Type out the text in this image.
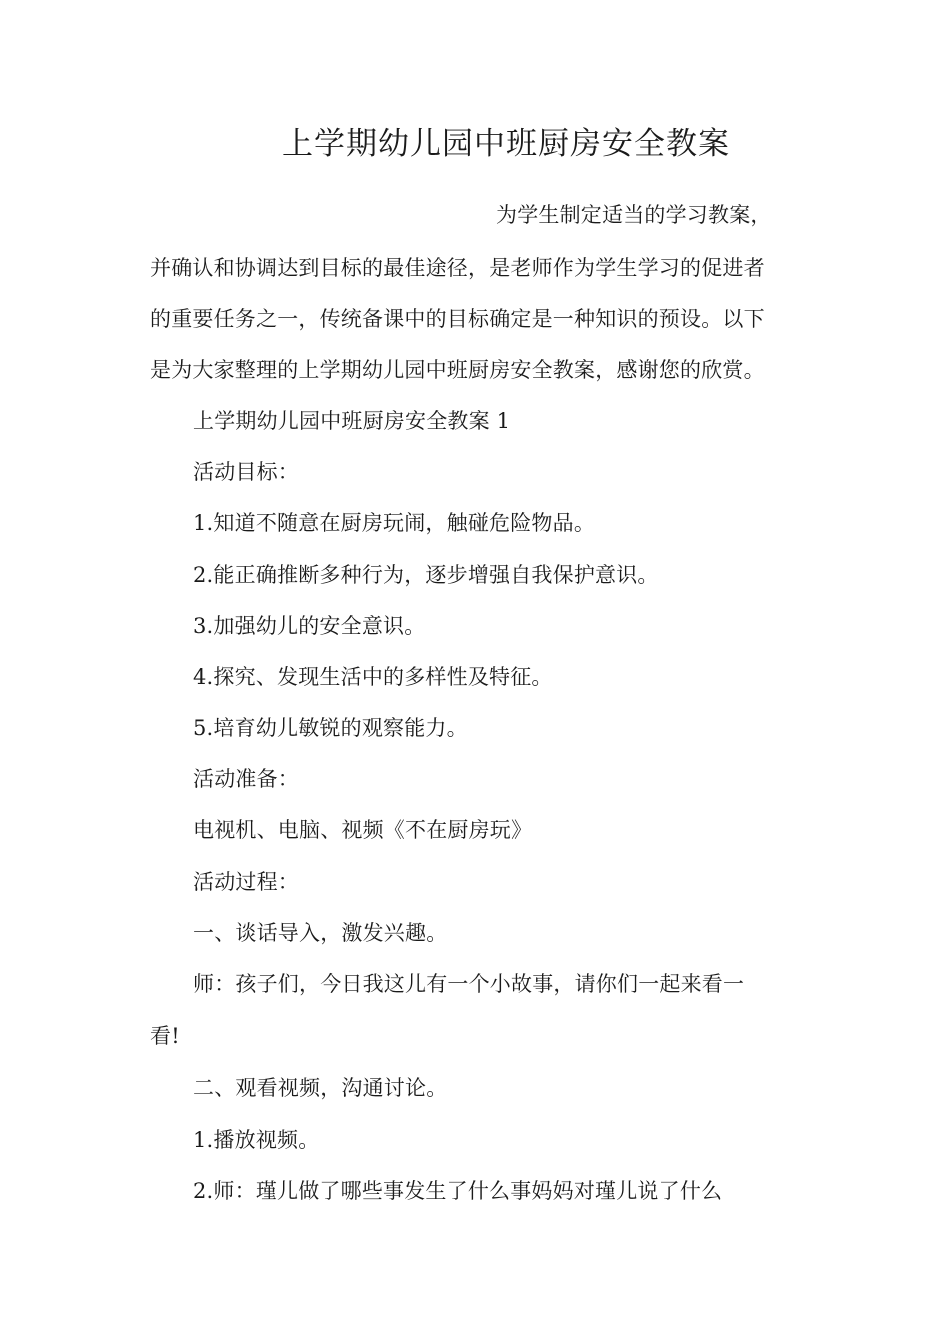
上学期幼儿园中班厨房安全教案
为学生制定适当的学习教案，
并确认和协调达到目标的最佳途径，是老师作为学生学习的促进者
的重要任务之一，传统备课中的目标确定是一种知识的预设。以下
是为大家整理的上学期幼儿园中班厨房安全教案，感谢您的欣赏。
上学期幼儿园中班厨房安全教案 1
活动目标：
1.知道不随意在厨房玩闹，触碰危险物品。
2.能正确推断多种行为，逐步增强自我保护意识。
3.加强幼儿的安全意识。
4.探究、发现生活中的多样性及特征。
5.培育幼儿敏锐的观察能力。
活动准备：
电视机、电脑、视频《不在厨房玩》
活动过程：
一、谈话导入，激发兴趣。
师：孩子们，今日我这儿有一个小故事，请你们一起来看一
看!
二、观看视频，沟通讨论。
1.播放视频。
2.师：瑾儿做了哪些事发生了什么事妈妈对瑾儿说了什么
